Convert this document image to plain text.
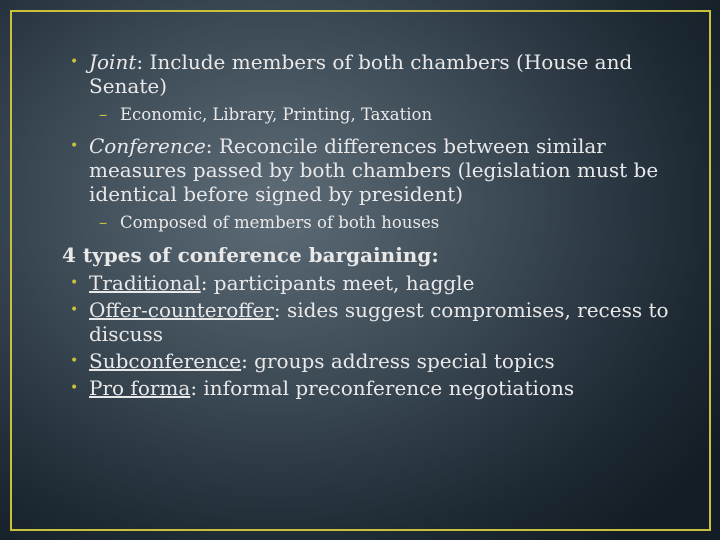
• Joint: Include members of both chambers (House and Senate)
– Economic, Library, Printing, Taxation
• Conference: Reconcile differences between similar measures passed by both chambers (legislation must be identical before signed by president)
– Composed of members of both houses
4 types of conference bargaining:
• Traditional: participants meet, haggle
• Offer-counteroffer: sides suggest compromises, recess to discuss
• Subconference: groups address special topics
• Pro forma: informal preconference negotiations
